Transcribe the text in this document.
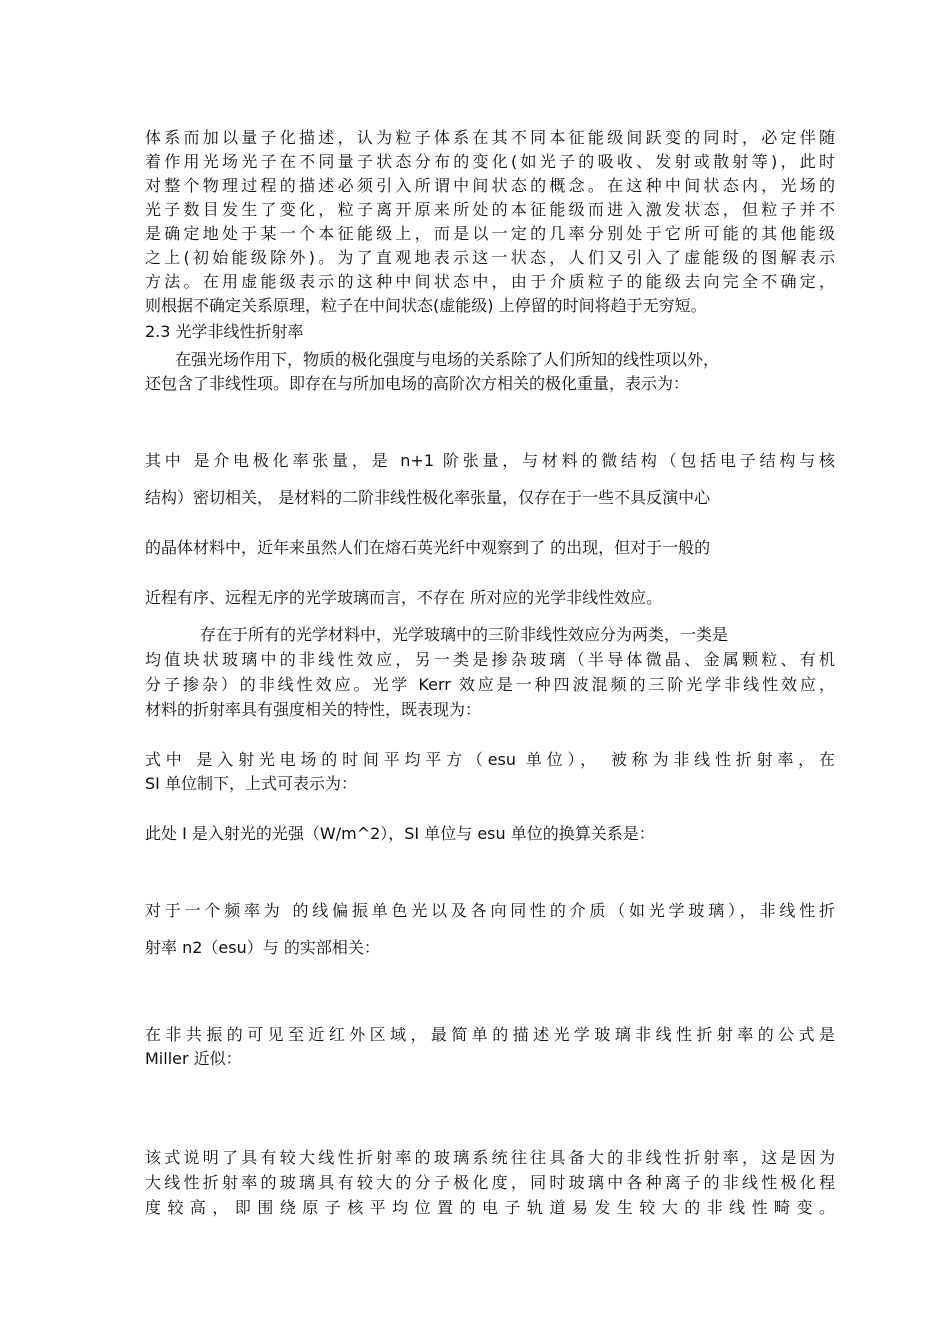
体系而加以量子化描述，认为粒子体系在其不同本征能级间跃变的同时，必定伴随

着作用光场光子在不同量子状态分布的变化(如光子的吸收、发射或散射等)，此时

对整个物理过程的描述必须引入所谓中间状态的概念。在这种中间状态内，光场的

光子数目发生了变化，粒子离开原来所处的本征能级而进入激发状态，但粒子并不

是确定地处于某一个本征能级上，而是以一定的几率分别处于它所可能的其他能级

之上(初始能级除外)。为了直观地表示这一状态，人们又引入了虚能级的图解表示

方法。在用虚能级表示的这种中间状态中，由于介质粒子的能级去向完全不确定，

则根据不确定关系原理，粒子在中间状态(虚能级) 上停留的时间将趋于无穷短。

2.3 光学非线性折射率

在强光场作用下，物质的极化强度与电场的关系除了人们所知的线性项以外，

还包含了非线性项。即存在与所加电场的高阶次方相关的极化重量，表示为：

其中 是介电极化率张量，是 n+1 阶张量，与材料的微结构（包括电子结构与核

结构）密切相关， 是材料的二阶非线性极化率张量，仅存在于一些不具反演中心

的晶体材料中，近年来虽然人们在熔石英光纤中观察到了 的出现，但对于一般的

近程有序、远程无序的光学玻璃而言，不存在 所对应的光学非线性效应。

存在于所有的光学材料中，光学玻璃中的三阶非线性效应分为两类，一类是

均值块状玻璃中的非线性效应，另一类是掺杂玻璃（半导体微晶、金属颗粒、有机

分子掺杂）的非线性效应。光学 Kerr 效应是一种四波混频的三阶光学非线性效应，

材料的折射率具有强度相关的特性，既表现为：

式中 是入射光电场的时间平均平方（esu 单位）， 被称为非线性折射率，在

SI 单位制下，上式可表示为：

此处 I 是入射光的光强（W/m^2），SI 单位与 esu 单位的换算关系是：

对于一个频率为 的线偏振单色光以及各向同性的介质（如光学玻璃），非线性折

射率 n2（esu）与 的实部相关：

在非共振的可见至近红外区域，最简单的描述光学玻璃非线性折射率的公式是

Miller 近似：

该式说明了具有较大线性折射率的玻璃系统往往具备大的非线性折射率，这是因为

大线性折射率的玻璃具有较大的分子极化度，同时玻璃中各种离子的非线性极化程

度较高，即围绕原子核平均位置的电子轨道易发生较大的非线性畸变。
